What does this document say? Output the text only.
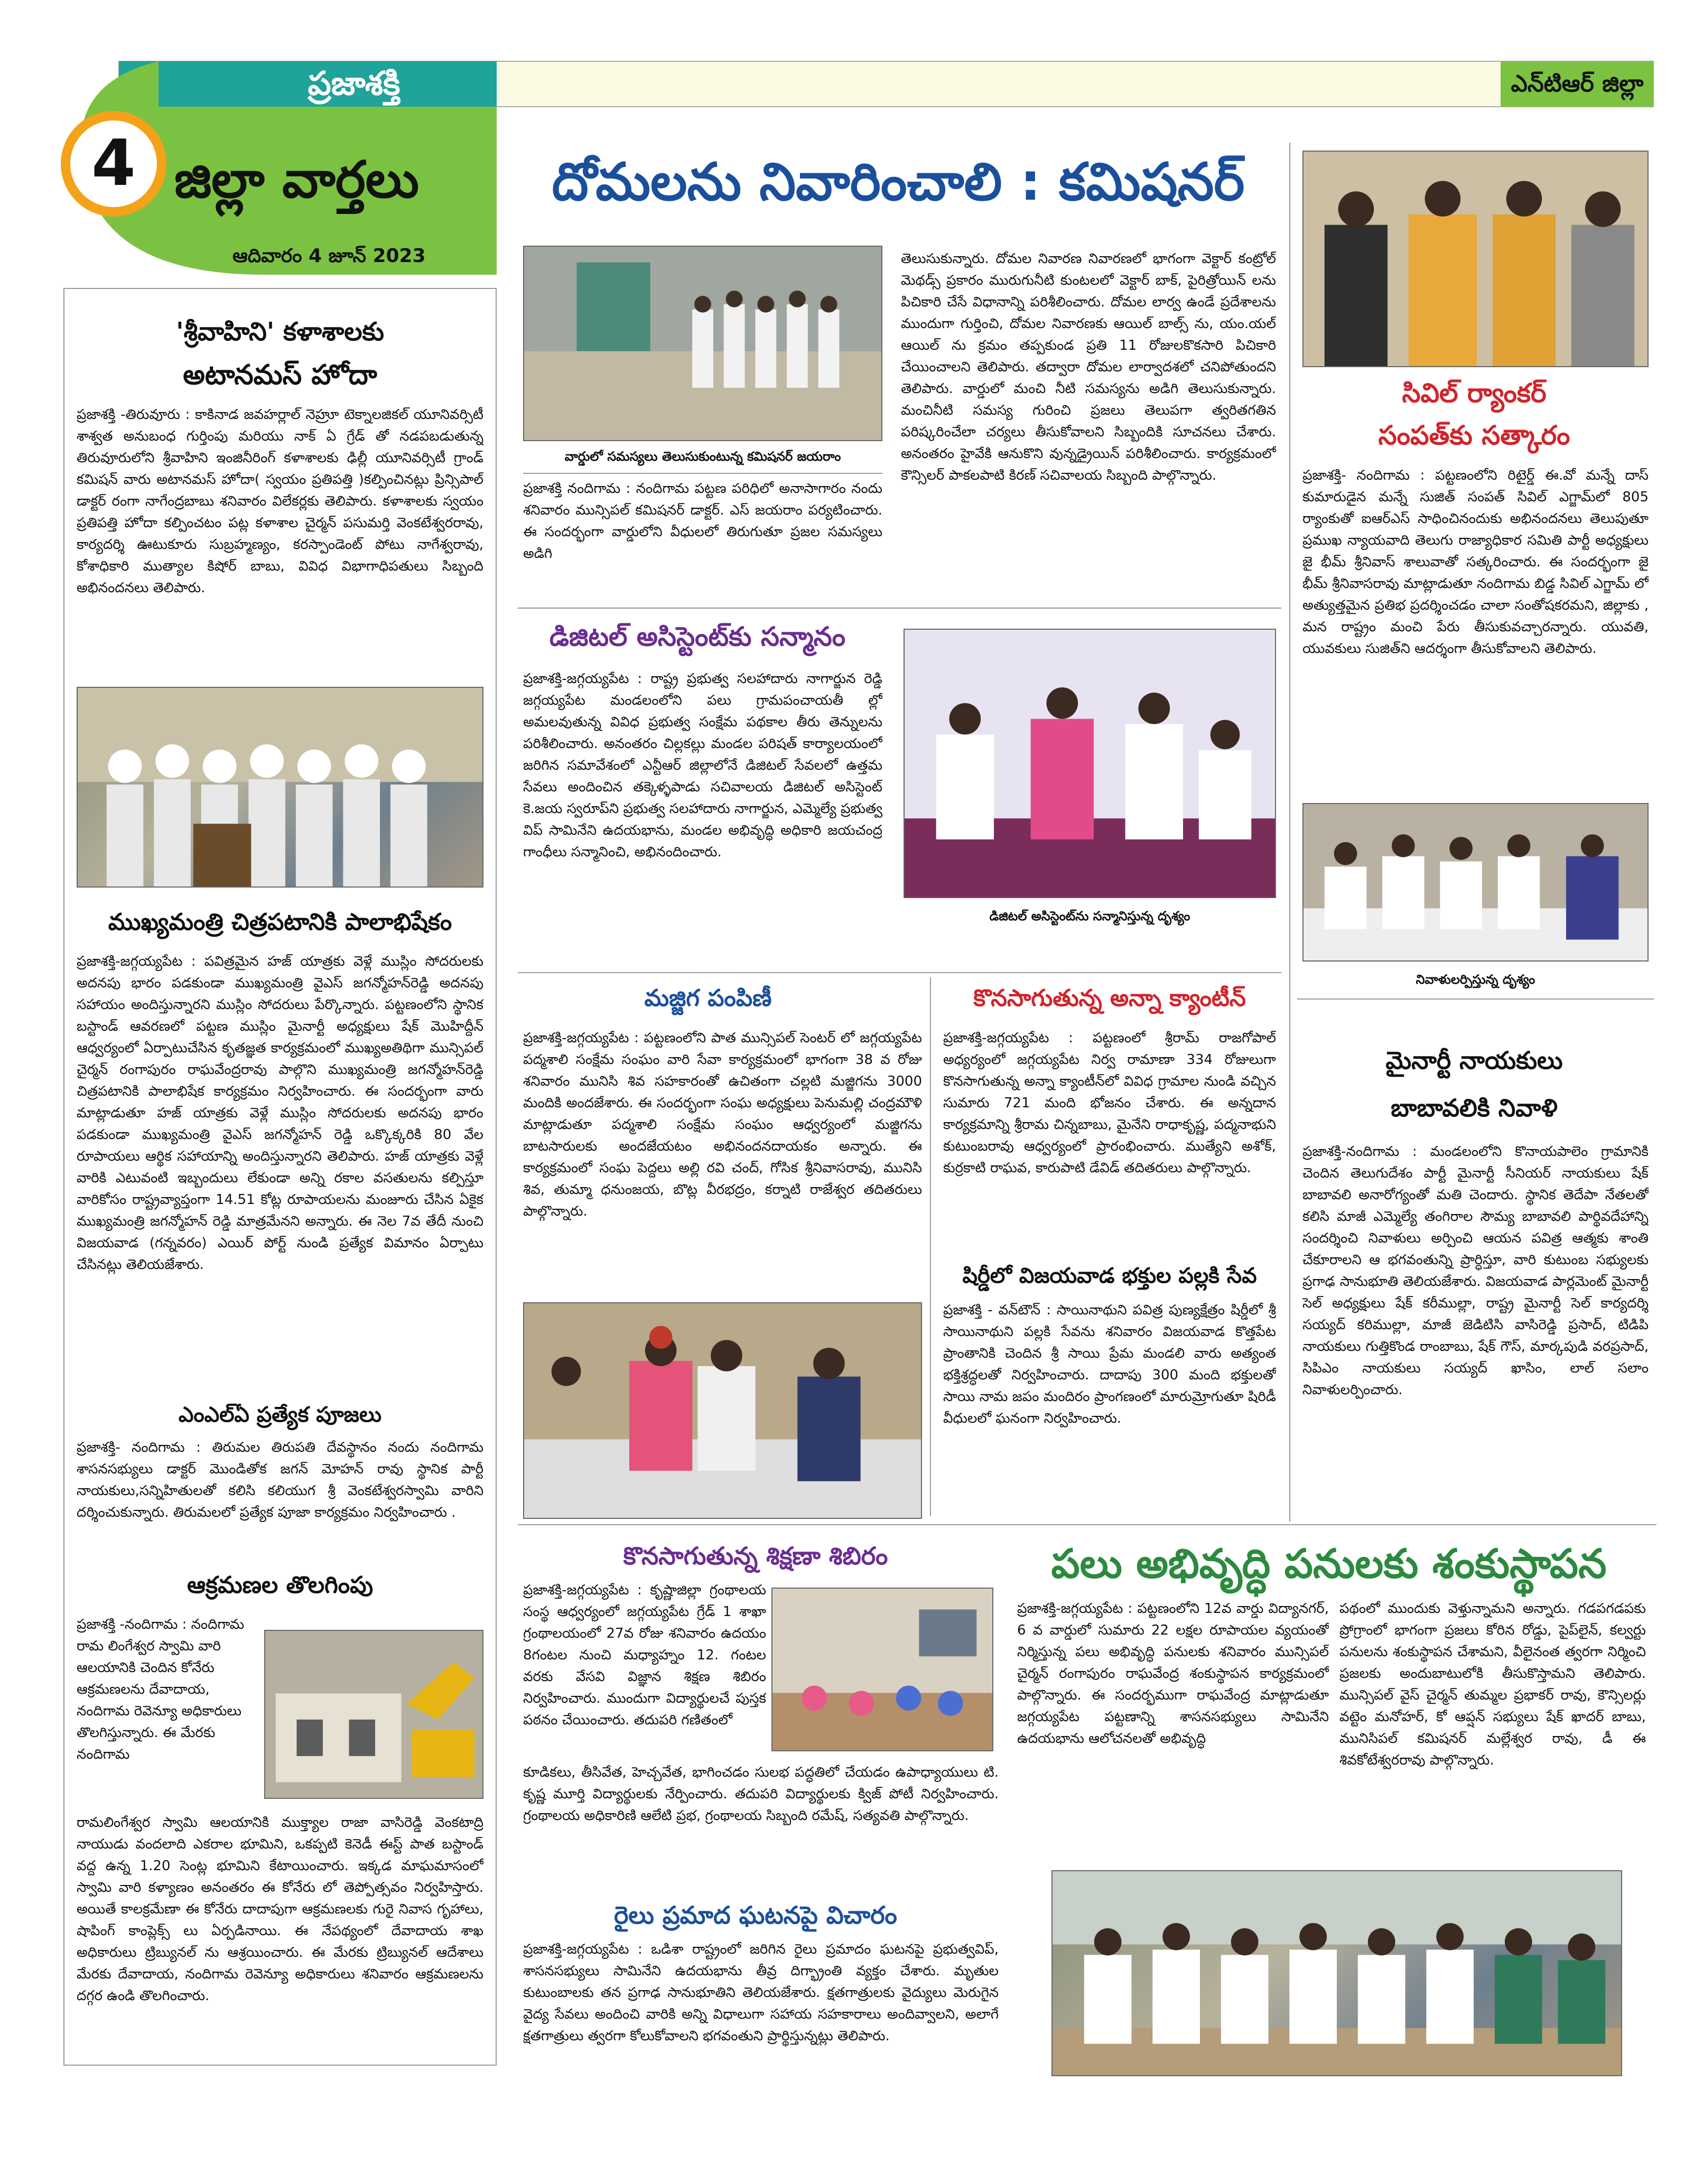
ప్రజాశక్తి	ఎన్‌టిఆర్ జిల్లా
4 జిల్లా వార్తలు
ఆదివారం 4 జూన్ 2023
'శ్రీవాహిని' కళాశాలకు
అటానమస్ హోదా
ప్రజాశక్తి -తిరువూరు : కాకినాడ జవహర్లాల్ నెహ్రూ టెక్నాలజికల్ యూనివర్సిటీ శాశ్వత అనుబంధ గుర్తింపు మరియు నాక్ ఏ గ్రేడ్ తో నడపబడుతున్న తిరువూరులోని శ్రీవాహిని ఇంజినీరింగ్ కళాశాలకు ఢిల్లీ యూనివర్సిటీ గ్రాండ్ కమిషన్ వారు అటానమస్ హోదా( స్వయం ప్రతిపత్తి )కల్పించినట్లు ప్రిన్సిపాల్ డాక్టర్ రంగా నాగేంద్రబాబు శనివారం విలేకర్లకు తెలిపారు. కళాశాలకు స్వయం ప్రతిపత్తి హోదా కల్పించటం పట్ల కళాశాల చైర్మన్ పసుమర్తి వెంకటేశ్వరరావు, కార్యదర్శి ఊటుకూరు సుబ్రహ్మణ్యం, కరస్పాండెంట్ పోటు నాగేశ్వరావు, కోశాధికారి ముత్యాల కిషోర్ బాబు, వివిధ విభాగాధిపతులు సిబ్బంది అభినందనలు తెలిపారు.
ముఖ్యమంత్రి చిత్రపటానికి పాలాభిషేకం
ప్రజాశక్తి-జగ్గయ్యపేట : పవిత్రమైన హజ్ యాత్రకు వెళ్లే ముస్లిం సోదరులకు అదనపు భారం పడకుండా ముఖ్యమంత్రి వైఎస్ జగన్మోహన్‌రెడ్డి అదనపు సహాయం అందిస్తున్నారని ముస్లిం సోదరులు పేర్కొన్నారు. పట్టణంలోని స్థానిక బస్టాండ్ ఆవరణలో పట్టణ ముస్లిం మైనార్టీ అధ్యక్షులు షేక్ మొహిద్దీన్ ఆధ్వర్యంలో ఏర్పాటుచేసిన కృతజ్ఞత కార్యక్రమంలో ముఖ్యఅతిథిగా మున్సిపల్ చైర్మన్ రంగాపురం రాఘవేంద్రరావు పాల్గొని ముఖ్యమంత్రి జగన్మోహన్‌రెడ్డి చిత్రపటానికి పాలాభిషేక కార్యక్రమం నిర్వహించారు. ఈ సందర్భంగా వారు మాట్లాడుతూ హజ్ యాత్రకు వెళ్లే ముస్లిం సోదరులకు అదనపు భారం పడకుండా ముఖ్యమంత్రి వైఎస్ జగన్మోహన్ రెడ్డి ఒక్కొక్కరికి 80 వేల రూపాయలు ఆర్థిక సహాయాన్ని అందిస్తున్నారని తెలిపారు. హజ్ యాత్రకు వెళ్లే వారికి ఎటువంటి ఇబ్బందులు లేకుండా అన్ని రకాల వసతులను కల్పిస్తూ వారికోసం రాష్ట్రవ్యాప్తంగా 14.51 కోట్ల రూపాయలను మంజూరు చేసిన ఏకైక ముఖ్యమంత్రి జగన్మోహన్ రెడ్డి మాత్రమేనని అన్నారు. ఈ నెల 7వ తేదీ నుంచి విజయవాడ (గన్నవరం) ఎయిర్ పోర్ట్ నుండి ప్రత్యేక విమానం ఏర్పాటు చేసినట్లు తెలియజేశారు.
ఎంఎల్ఏ ప్రత్యేక పూజలు
ప్రజాశక్తి- నందిగామ : తిరుమల తిరుపతి దేవస్థానం నందు నందిగామ శాసనసభ్యులు డాక్టర్ మొండితోక జగన్ మోహన్ రావు స్థానిక పార్టీ నాయకులు,సన్నిహితులతో కలిసి కలియుగ శ్రీ వెంకటేశ్వరస్వామి వారిని దర్శించుకున్నారు. తిరుమలలో ప్రత్యేక పూజా కార్యక్రమం నిర్వహించారు .
ఆక్రమణల తొలగింపు
ప్రజాశక్తి -నందిగామ : నందిగామ రామ లింగేశ్వర స్వామి వారి ఆలయానికి చెందిన కోనేరు ఆక్రమణలను దేవాదాయ, నందిగామ రెవెన్యూ అధికారులు తొలగిస్తున్నారు. ఈ మేరకు నందిగామ
రామలింగేశ్వర స్వామి ఆలయానికి ముక్త్యాల రాజా వాసిరెడ్డి వెంకటాద్రి నాయుడు వందలాది ఎకరాల భూమిని, ఒకప్పటి కెనెడీ ఈస్ట్ పాత బస్టాండ్ వద్ద ఉన్న 1.20 సెంట్ల భూమిని కేటాయించారు. ఇక్కడ మాఘమాసంలో స్వామి వారి కళ్యాణం అనంతరం ఈ కోనేరు లో తెప్పోత్సవం నిర్వహిస్తారు. అయితే కాలక్రమేణా ఈ కోనేరు దాదాపుగా ఆక్రమణలకు గురై నివాస గృహాలు, షాపింగ్ కాంప్లెక్స్ లు ఏర్పడినాయి. ఈ నేపథ్యంలో దేవాదాయ శాఖ అధికారులు ట్రిబ్యునల్ ను ఆశ్రయించారు. ఈ మేరకు ట్రిబ్యునల్ ఆదేశాలు మేరకు దేవాదాయ, నందిగామ రెవెన్యూ అధికారులు శనివారం ఆక్రమణలను దగ్గర ఉండి తొలగించారు.
దోమలను నివారించాలి : కమిషనర్
వార్డులో సమస్యలు తెలుసుకుంటున్న కమిషనర్ జయరాం
ప్రజాశక్తి నందిగామ : నందిగామ పట్టణ పరిధిలో అనాసాగారం నందు శనివారం మున్సిపల్ కమిషనర్ డాక్టర్. ఎస్ జయరాం పర్యటించారు. ఈ సందర్భంగా వార్డులోని వీధులలో తిరుగుతూ ప్రజల సమస్యలు అడిగి
తెలుసుకున్నారు. దోమల నివారణ నివారణలో భాగంగా వెక్టార్ కంట్రోల్ మెథడ్స్ ప్రకారం మురుగునీటి కుంటలలో వెక్టార్ బాక్, పైరిత్రోయిన్ లను పిచికారి చేసే విధానాన్ని పరిశీలించారు. దోమల లార్వ ఉండే ప్రదేశాలను ముందుగా గుర్తించి, దోమల నివారణకు ఆయిల్ బాల్స్ ను, యం.యల్ ఆయిల్ ను క్రమం తప్పకుండ ప్రతి 11 రోజులకొకసారి పిచికారి చేయించాలని తెలిపారు. తద్వారా దోమల లార్వాదశలో చనిపోతుందని తెలిపారు. వార్డులో మంచి నీటి సమస్యను అడిగి తెలుసుకున్నారు. మంచినీటి సమస్య గురించి ప్రజలు తెలుపగా త్వరితగతిన పరిష్కరించేలా చర్యలు తీసుకోవాలని సిబ్బందికి సూచనలు చేశారు. అనంతరం హైవేకి ఆనుకొని వున్నడ్రైయిన్ పరిశీలించారు. కార్యక్రమంలో కౌన్సిలర్ పాకలపాటి కిరణ్ సచివాలయ సిబ్బంది పాల్గొన్నారు.
డిజిటల్ అసిస్టెంట్‌కు సన్మానం
ప్రజాశక్తి-జగ్గయ్యపేట : రాష్ట్ర ప్రభుత్వ సలహాదారు నాగార్జున రెడ్డి జగ్గయ్యపేట మండలంలోని పలు గ్రామపంచాయతీ ల్లో అమలవుతున్న వివిధ ప్రభుత్వ సంక్షేమ పథకాల తీరు తెన్నులను పరిశీలించారు. అనంతరం చిల్లకల్లు మండల పరిషత్ కార్యాలయంలో జరిగిన సమావేశంలో ఎన్టీఆర్ జిల్లాలోనే డిజిటల్ సేవలలో ఉత్తమ సేవలు అందించిన తక్కెళ్ళపాడు సచివాలయ డిజిటల్ అసిస్టెంట్ కె.జయ స్వరూప్‌ని ప్రభుత్వ సలహాదారు నాగార్జున, ఎమ్మెల్యే ప్రభుత్వ విప్ సామినేని ఉదయభాను, మండల అభివృద్ధి అధికారి జయచంద్ర గాంధీలు సన్మానించి, అభినందించారు.
డిజిటల్ అసిస్టెంట్‌ను సన్మానిస్తున్న దృశ్యం
మజ్జిగ పంపిణీ
ప్రజాశక్తి-జగ్గయ్యపేట : పట్టణంలోని పాత మున్సిపల్ సెంటర్ లో జగ్గయ్యపేట పద్మశాలి సంక్షేమ సంఘం వారి సేవా కార్యక్రమంలో భాగంగా 38 వ రోజు శనివారం మునిసి శివ సహకారంతో ఉచితంగా చల్లటి మజ్జిగను 3000 మందికి అందజేశారు. ఈ సందర్భంగా సంఘ అధ్యక్షులు పెనుమల్లి చంద్రమౌళి మాట్లాడుతూ పద్మశాలి సంక్షేమ సంఘం ఆధ్వర్యంలో మజ్జిగను బాటసారులకు అందజేయటం అభినందనదాయకం అన్నారు. ఈ కార్యక్రమంలో సంఘ పెద్దలు అల్లి రవి చంద్, గోసిక శ్రీనివాసరావు, మునిసి శివ, తుమ్మా ధనుంజయ, బొట్ల వీరభద్రం, కర్నాటి రాజేశ్వర తదితరులు పాల్గొన్నారు.
కొనసాగుతున్న అన్నా క్యాంటీన్
ప్రజాశక్తి-జగ్గయ్యపేట : పట్టణంలో శ్రీరామ్ రాజగోపాల్ అధ్యర్యంలో జగ్గయ్యపేట నిర్వ రామాణా 334 రోజులుగా కొనసాగుతున్న అన్నా క్యాంటీన్‌లో వివిధ గ్రామాల నుండి వచ్చిన సుమారు 721 మంది భోజనం చేశారు. ఈ అన్నదాన కార్యక్రమాన్ని శ్రీరామ చిన్నబాబు, మైనేని రాధాకృష్ణ, పద్మనాభుని కుటుంబరావు ఆధ్వర్యంలో ప్రారంభించారు. ముత్యేని అశోక్, కుర్రకాటి రాఘవ, కారుపాటి డేవిడ్ తదితరులు పాల్గొన్నారు.
షిర్డీలో విజయవాడ భక్తుల పల్లకి సేవ
ప్రజాశక్తి - వన్‌టౌన్ : సాయినాథుని పవిత్ర పుణ్యక్షేత్రం షిర్డీలో శ్రీ సాయినాథుని పల్లకి సేవను శనివారం విజయవాడ కొత్తపేట ప్రాంతానికి చెందిన శ్రీ సాయి ప్రేమ మండలి వారు అత్యంత భక్తిశ్రద్ధలతో నిర్వహించారు. దాదాపు 300 మంది భక్తులతో సాయి నామ జపం మందిరం ప్రాంగణంలో మారుమ్రోగుతూ షిరిడీ వీధులలో ఘనంగా నిర్వహించారు.
సివిల్ ర్యాంకర్
సంపత్‌కు సత్కారం
ప్రజాశక్తి- నందిగామ : పట్టణంలోని రిటైర్డ్ ఈ.వో మన్నే దాస్ కుమారుడైన మన్నే సుజిత్ సంపత్ సివిల్ ఎగ్జామ్‌లో 805 ర్యాంకుతో ఐఆర్ఎస్ సాధించినందుకు అభినందనలు తెలుపుతూ ప్రముఖ న్యాయవాది తెలుగు రాజ్యాధికార సమితి పార్టీ అధ్యక్షులు జై భీమ్ శ్రీనివాస్ శాలువాతో సత్కరించారు. ఈ సందర్భంగా జై భీమ్ శ్రీనివాసరావు మాట్లాడుతూ నందిగామ బిడ్డ సివిల్ ఎగ్జామ్ లో అత్యుత్తమైన ప్రతిభ ప్రదర్శించడం చాలా సంతోషకరమని, జిల్లాకు , మన రాష్ట్రం మంచి పేరు తీసుకువచ్చారన్నారు. యువతి, యువకులు సుజిత్‌ని ఆదర్శంగా తీసుకోవాలని తెలిపారు.
నివాళులర్పిస్తున్న దృశ్యం
మైనార్టీ నాయకులు
బాబావలికి నివాళి
ప్రజాశక్తి-నందిగామ : మండలంలోని కొనాయపాలెం గ్రామానికి చెందిన తెలుగుదేశం పార్టీ మైనార్టీ సీనియర్ నాయకులు షేక్ బాబావలి అనారోగ్యంతో మతి చెందారు. స్థానిక తెదేపా నేతలతో కలిసి మాజీ ఎమ్మెల్యే తంగిరాల సౌమ్య బాబావలి పార్థివదేహాన్ని సందర్శించి నివాళులు అర్పించి ఆయన పవిత్ర ఆత్మకు శాంతి చేకూరాలని ఆ భగవంతున్ని ప్రార్ధిస్తూ, వారి కుటుంబ సభ్యులకు ప్రగాఢ సానుభూతి తెలియజేశారు. విజయవాడ పార్లమెంట్ మైనార్టీ సెల్ అధ్యక్షులు షేక్ కరీముల్లా, రాష్ట్ర మైనార్టీ సెల్ కార్యదర్శి సయ్యద్ కరిముల్లా, మాజీ జెడిటిసి వాసిరెడ్డి ప్రసాద్, టిడిపి నాయకులు గుత్తికొండ రాంబాబు, షేక్ గౌస్, మార్కపుడి వరప్రసాద్, సిపిఎం నాయకులు సయ్యద్ ఖాసిం, లాల్ సలాం నివాళులర్పించారు.
కొనసాగుతున్న శిక్షణా శిబిరం
ప్రజాశక్తి-జగ్గయ్యపేట : కృష్ణాజిల్లా గ్రంథాలయ సంస్థ ఆధ్వర్యంలో జగ్గయ్యపేట గ్రేడ్ 1 శాఖా గ్రంథాలయంలో 27వ రోజు శనివారం ఉదయం 8గంటల నుంచి మధ్యాహ్నం 12. గంటల వరకు వేసవి విజ్ఞాన శిక్షణ శిబిరం నిర్వహించారు. ముందుగా విద్యార్థులచే పుస్తక పఠనం చేయించారు. తదుపరి గణితంలో
కూడికలు, తీసివేత, హెచ్చవేత, భాగించడం సులభ పద్ధతిలో చేయడం ఉపాధ్యాయులు టి. కృష్ణ మూర్తి విద్యార్థులకు నేర్పించారు. తదుపరి విద్యార్థులకు క్విజ్ పోటీ నిర్వహించారు. గ్రంథాలయ అధికారిణి ఆలేటి ప్రభ, గ్రంథాలయ సిబ్బంది రమేష్, సత్యవతి పాల్గొన్నారు.
రైలు ప్రమాద ఘటనపై విచారం
ప్రజాశక్తి-జగ్గయ్యపేట : ఒడిశా రాష్ట్రంలో జరిగిన రైలు ప్రమాదం ఘటనపై ప్రభుత్వవిప్, శాసనసభ్యులు సామినేని ఉదయభాను తీవ్ర దిగ్భ్రాంతి వ్యక్తం చేశారు. మృతుల కుటుంబాలకు తన ప్రగాఢ సానుభూతిని తెలియజేశారు. క్షతగాత్రులకు వైద్యులు మెరుగైన వైద్య సేవలు అందించి వారికి అన్ని విధాలుగా సహాయ సహకారాలు అందివ్వాలని, అలాగే క్షతగాత్రులు త్వరగా కోలుకోవాలని భగవంతుని ప్రార్థిస్తున్నట్లు తెలిపారు.
పలు అభివృద్ధి పనులకు శంకుస్థాపన
ప్రజాశక్తి-జగ్గయ్యపేట : పట్టణంలోని 12వ వార్డు విద్యానగర్, 6 వ వార్డులో సుమారు 22 లక్షల రూపాయల వ్యయంతో నిర్మిస్తున్న పలు అభివృద్ధి పనులకు శనివారం మున్సిపల్ చైర్మన్ రంగాపురం రాఘవేంద్ర శంకుస్థాపన కార్యక్రమంలో పాల్గొన్నారు. ఈ సందర్భముగా రాఘవేంద్ర మాట్లాడుతూ జగ్గయ్యపేట పట్టణాన్ని శాసనసభ్యులు సామినేని ఉదయభాను ఆలోచనలతో అభివృద్ధి
పథంలో ముందుకు వెళ్తున్నామని అన్నారు. గడపగడపకు ప్రోగ్రాంలో భాగంగా ప్రజలు కోరిన రోడ్డు, పైప్‌లైన్, కల్వర్టు పనులను శంకుస్థాపన చేశామని, వీలైనంత త్వరగా నిర్మించి ప్రజలకు అందుబాటులోకి తీసుకొస్తామని తెలిపారు. మున్సిపల్ వైస్ చైర్మన్ తుమ్మల ప్రభాకర్ రావు, కౌన్సిలర్లు వట్టెం మనోహర్, కో ఆప్షన్ సభ్యులు షేక్ ఖాదర్ బాబు, మునిసిపల్ కమిషనర్ మల్లేశ్వర రావు, డీ ఈ శివకోటేశ్వరరావు పాల్గొన్నారు.
